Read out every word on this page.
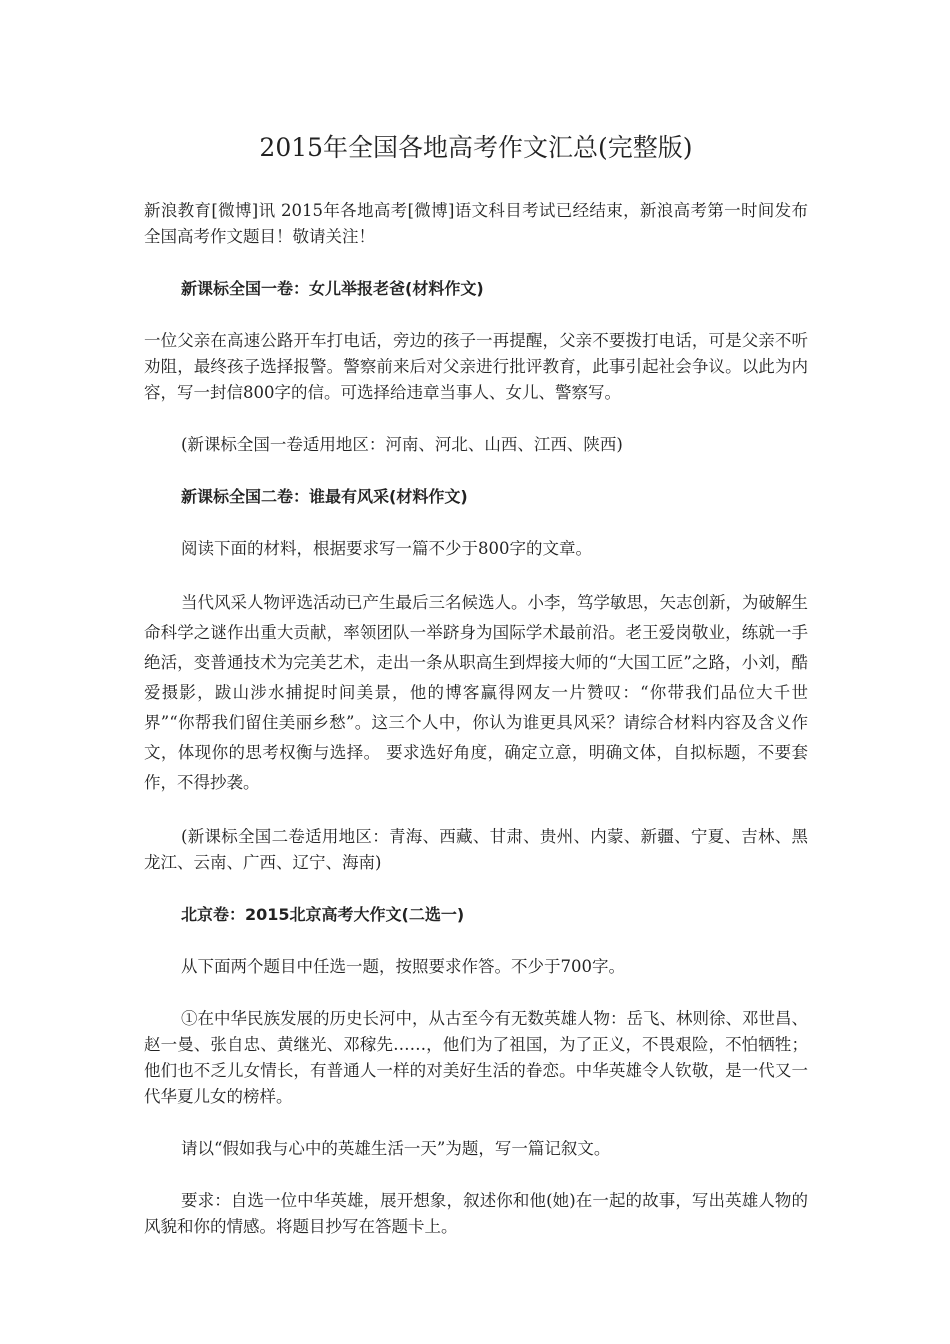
2015年全国各地高考作文汇总(完整版)

新浪教育[微博]讯 2015年各地高考[微博]语文科目考试已经结束，新浪高考第一时间发布全国高考作文题目！敬请关注！

新课标全国一卷：女儿举报老爸(材料作文)

一位父亲在高速公路开车打电话，旁边的孩子一再提醒，父亲不要拨打电话，可是父亲不听劝阻，最终孩子选择报警。警察前来后对父亲进行批评教育，此事引起社会争议。以此为内容，写一封信800字的信。可选择给违章当事人、女儿、警察写。

(新课标全国一卷适用地区：河南、河北、山西、江西、陕西)

新课标全国二卷：谁最有风采(材料作文)

阅读下面的材料，根据要求写一篇不少于800字的文章。

当代风采人物评选活动已产生最后三名候选人。小李，笃学敏思，矢志创新，为破解生命科学之谜作出重大贡献，率领团队一举跻身为国际学术最前沿。老王爱岗敬业，练就一手绝活，变普通技术为完美艺术，走出一条从职高生到焊接大师的“大国工匠”之路，小刘，酷爱摄影，跋山涉水捕捉时间美景，他的博客赢得网友一片赞叹：“你带我们品位大千世界”“你帮我们留住美丽乡愁”。这三个人中，你认为谁更具风采？请综合材料内容及含义作文，体现你的思考权衡与选择。 要求选好角度，确定立意，明确文体，自拟标题，不要套作，不得抄袭。

(新课标全国二卷适用地区：青海、西藏、甘肃、贵州、内蒙、新疆、宁夏、吉林、黑龙江、云南、广西、辽宁、海南)

北京卷：2015北京高考大作文(二选一)

从下面两个题目中任选一题，按照要求作答。不少于700字。

①在中华民族发展的历史长河中，从古至今有无数英雄人物：岳飞、林则徐、邓世昌、赵一曼、张自忠、黄继光、邓稼先……，他们为了祖国，为了正义，不畏艰险，不怕牺牲；他们也不乏儿女情长，有普通人一样的对美好生活的眷恋。中华英雄令人钦敬，是一代又一代华夏儿女的榜样。

请以“假如我与心中的英雄生活一天”为题，写一篇记叙文。

要求：自选一位中华英雄，展开想象，叙述你和他(她)在一起的故事，写出英雄人物的风貌和你的情感。将题目抄写在答题卡上。
